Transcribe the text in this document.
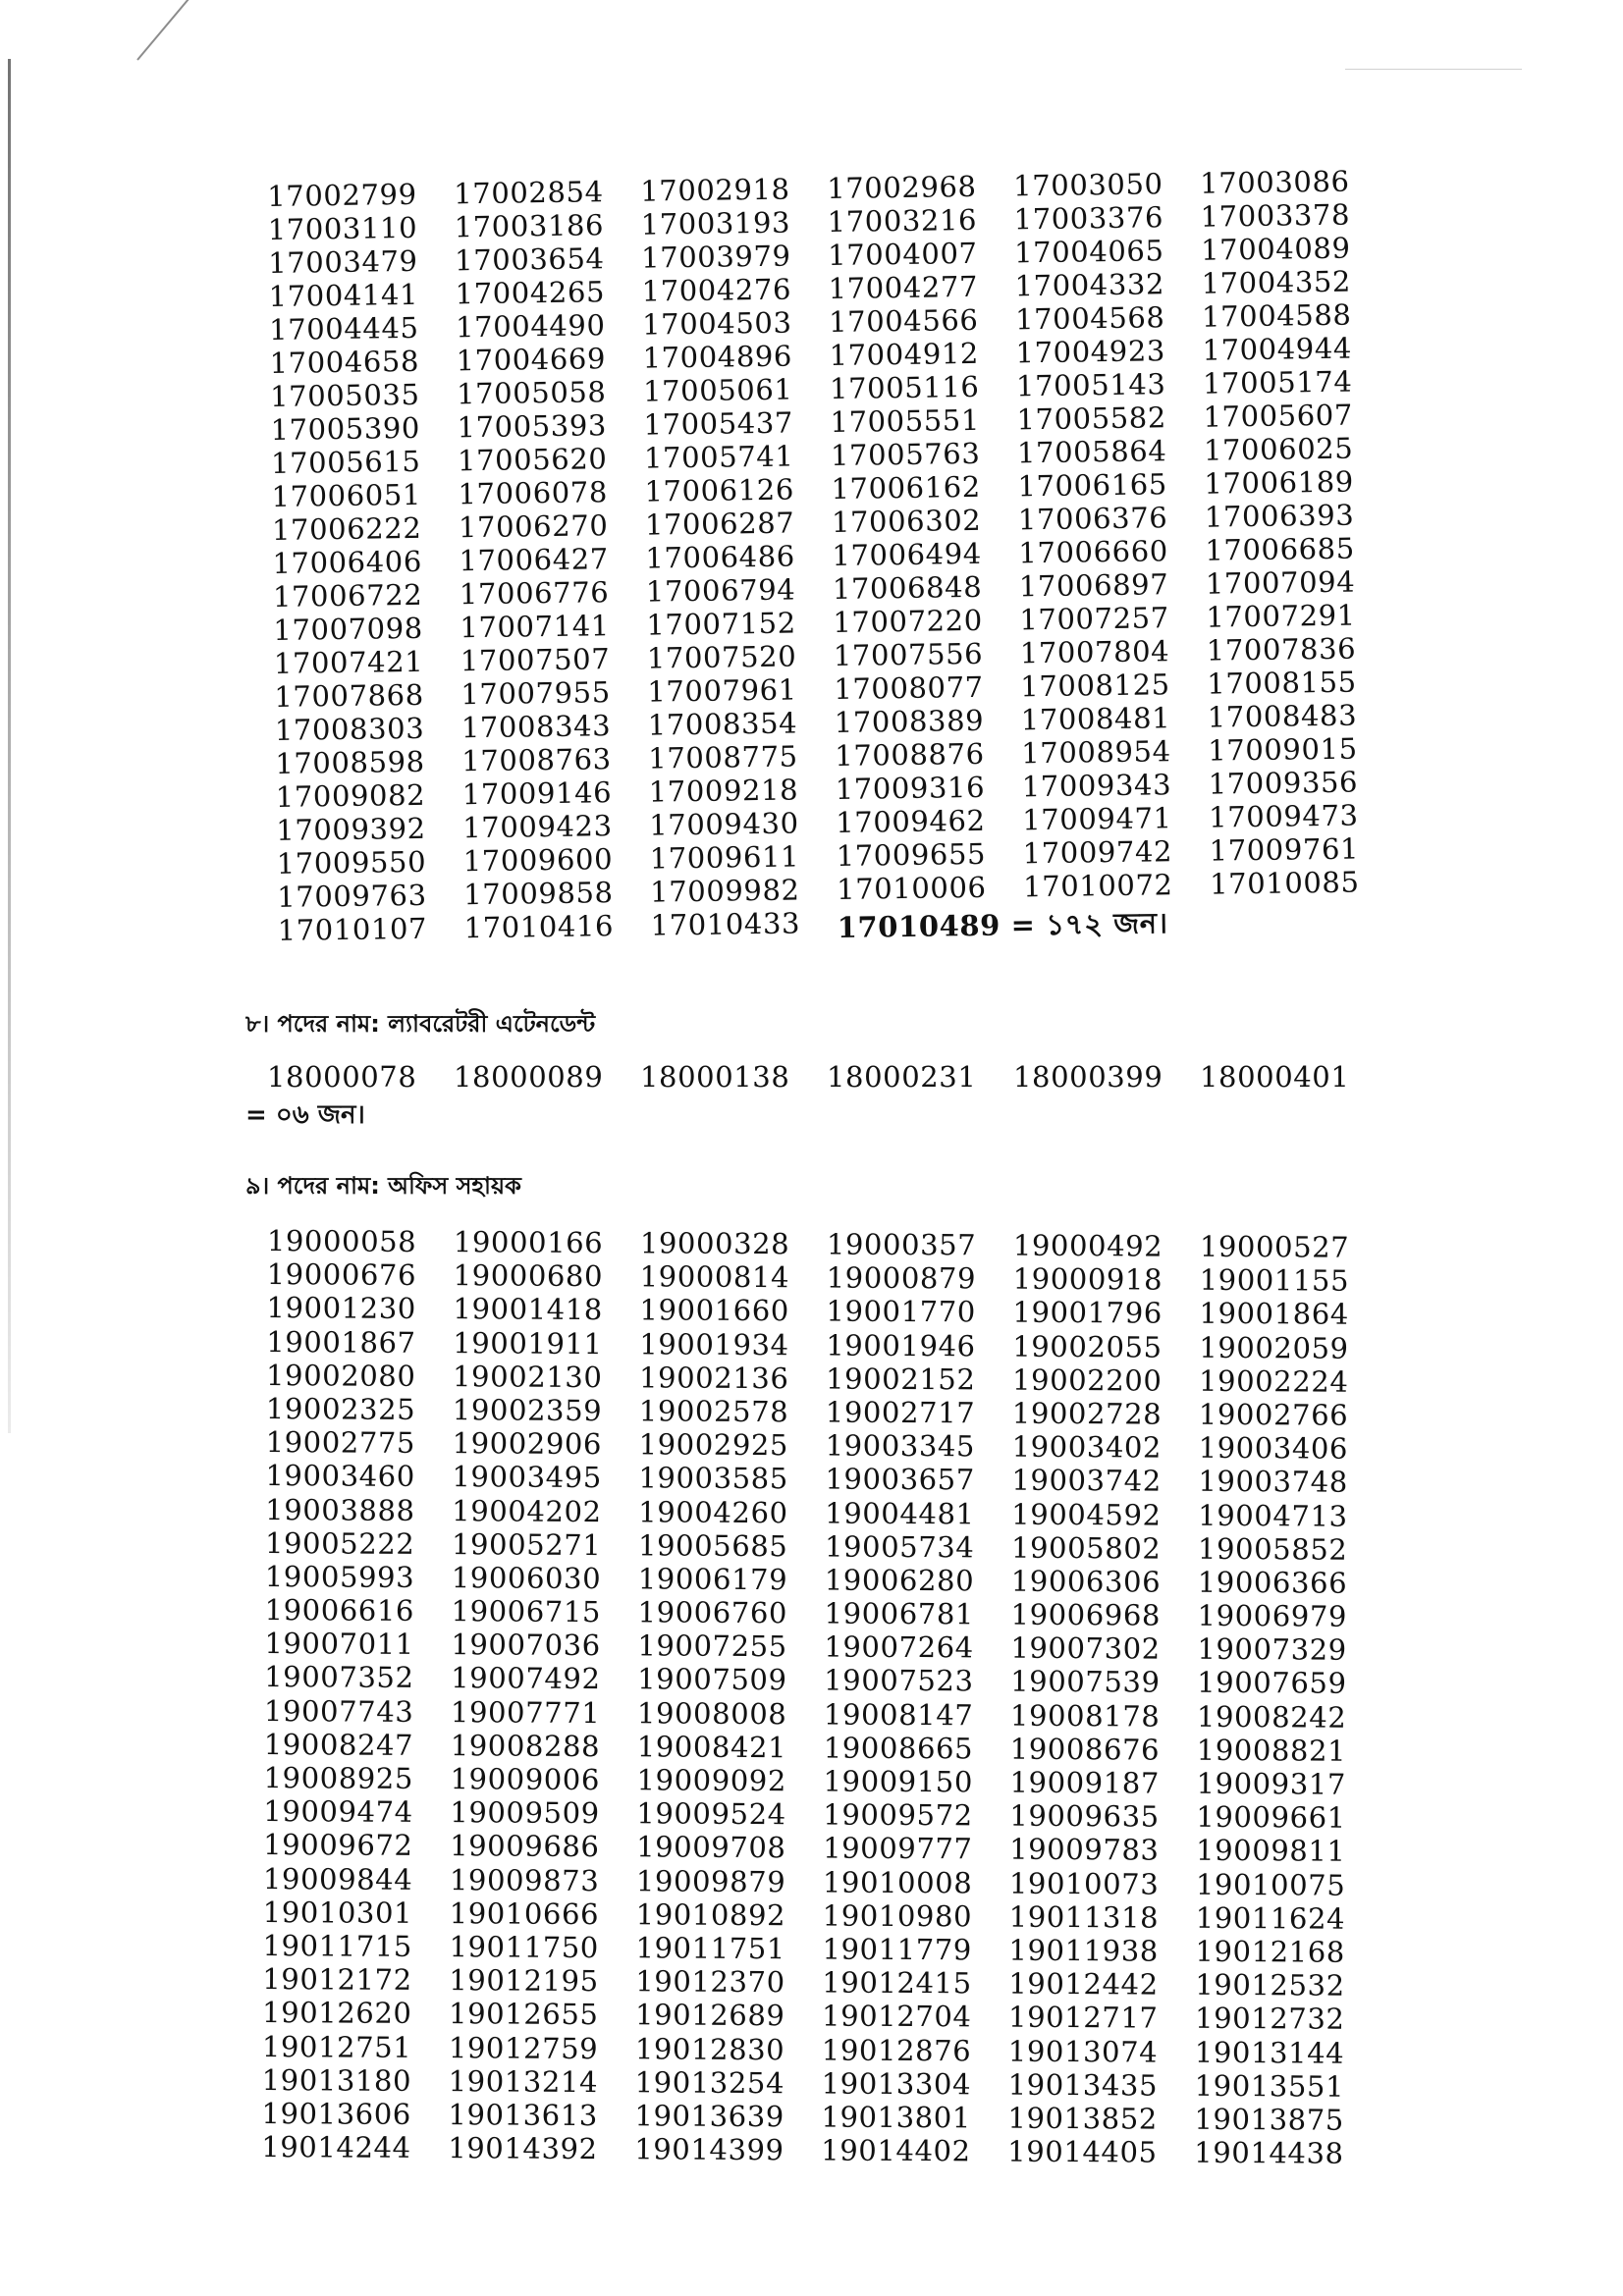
17002799	17002854	17002918	17002968	17003050	17003086
17003110	17003186	17003193	17003216	17003376	17003378
17003479	17003654	17003979	17004007	17004065	17004089
17004141	17004265	17004276	17004277	17004332	17004352
17004445	17004490	17004503	17004566	17004568	17004588
17004658	17004669	17004896	17004912	17004923	17004944
17005035	17005058	17005061	17005116	17005143	17005174
17005390	17005393	17005437	17005551	17005582	17005607
17005615	17005620	17005741	17005763	17005864	17006025
17006051	17006078	17006126	17006162	17006165	17006189
17006222	17006270	17006287	17006302	17006376	17006393
17006406	17006427	17006486	17006494	17006660	17006685
17006722	17006776	17006794	17006848	17006897	17007094
17007098	17007141	17007152	17007220	17007257	17007291
17007421	17007507	17007520	17007556	17007804	17007836
17007868	17007955	17007961	17008077	17008125	17008155
17008303	17008343	17008354	17008389	17008481	17008483
17008598	17008763	17008775	17008876	17008954	17009015
17009082	17009146	17009218	17009316	17009343	17009356
17009392	17009423	17009430	17009462	17009471	17009473
17009550	17009600	17009611	17009655	17009742	17009761
17009763	17009858	17009982	17010006	17010072	17010085
17010107	17010416	17010433	17010489 = ১৭২ জন।
৮। পদের নাম: ল্যাবরেটরী এটেনডেন্ট
18000078	18000089	18000138	18000231	18000399	18000401
= ০৬ জন।
৯। পদের নাম: অফিস সহায়ক
19000058	19000166	19000328	19000357	19000492	19000527
19000676	19000680	19000814	19000879	19000918	19001155
19001230	19001418	19001660	19001770	19001796	19001864
19001867	19001911	19001934	19001946	19002055	19002059
19002080	19002130	19002136	19002152	19002200	19002224
19002325	19002359	19002578	19002717	19002728	19002766
19002775	19002906	19002925	19003345	19003402	19003406
19003460	19003495	19003585	19003657	19003742	19003748
19003888	19004202	19004260	19004481	19004592	19004713
19005222	19005271	19005685	19005734	19005802	19005852
19005993	19006030	19006179	19006280	19006306	19006366
19006616	19006715	19006760	19006781	19006968	19006979
19007011	19007036	19007255	19007264	19007302	19007329
19007352	19007492	19007509	19007523	19007539	19007659
19007743	19007771	19008008	19008147	19008178	19008242
19008247	19008288	19008421	19008665	19008676	19008821
19008925	19009006	19009092	19009150	19009187	19009317
19009474	19009509	19009524	19009572	19009635	19009661
19009672	19009686	19009708	19009777	19009783	19009811
19009844	19009873	19009879	19010008	19010073	19010075
19010301	19010666	19010892	19010980	19011318	19011624
19011715	19011750	19011751	19011779	19011938	19012168
19012172	19012195	19012370	19012415	19012442	19012532
19012620	19012655	19012689	19012704	19012717	19012732
19012751	19012759	19012830	19012876	19013074	19013144
19013180	19013214	19013254	19013304	19013435	19013551
19013606	19013613	19013639	19013801	19013852	19013875
19014244	19014392	19014399	19014402	19014405	19014438
